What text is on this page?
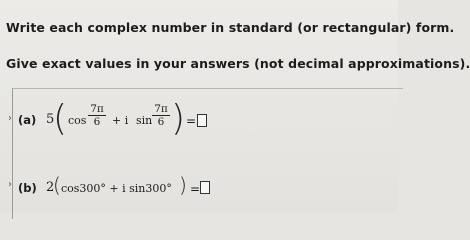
Write each complex number in standard (or rectangular) form.
Give exact values in your answers (not decimal approximations).
› (a) 5
( $\cos \frac{7\pi}{6} + i$ $\sin \frac{7\pi}{6}$ ) =
› (b) 2
( cos300° + i sin300° ) =
